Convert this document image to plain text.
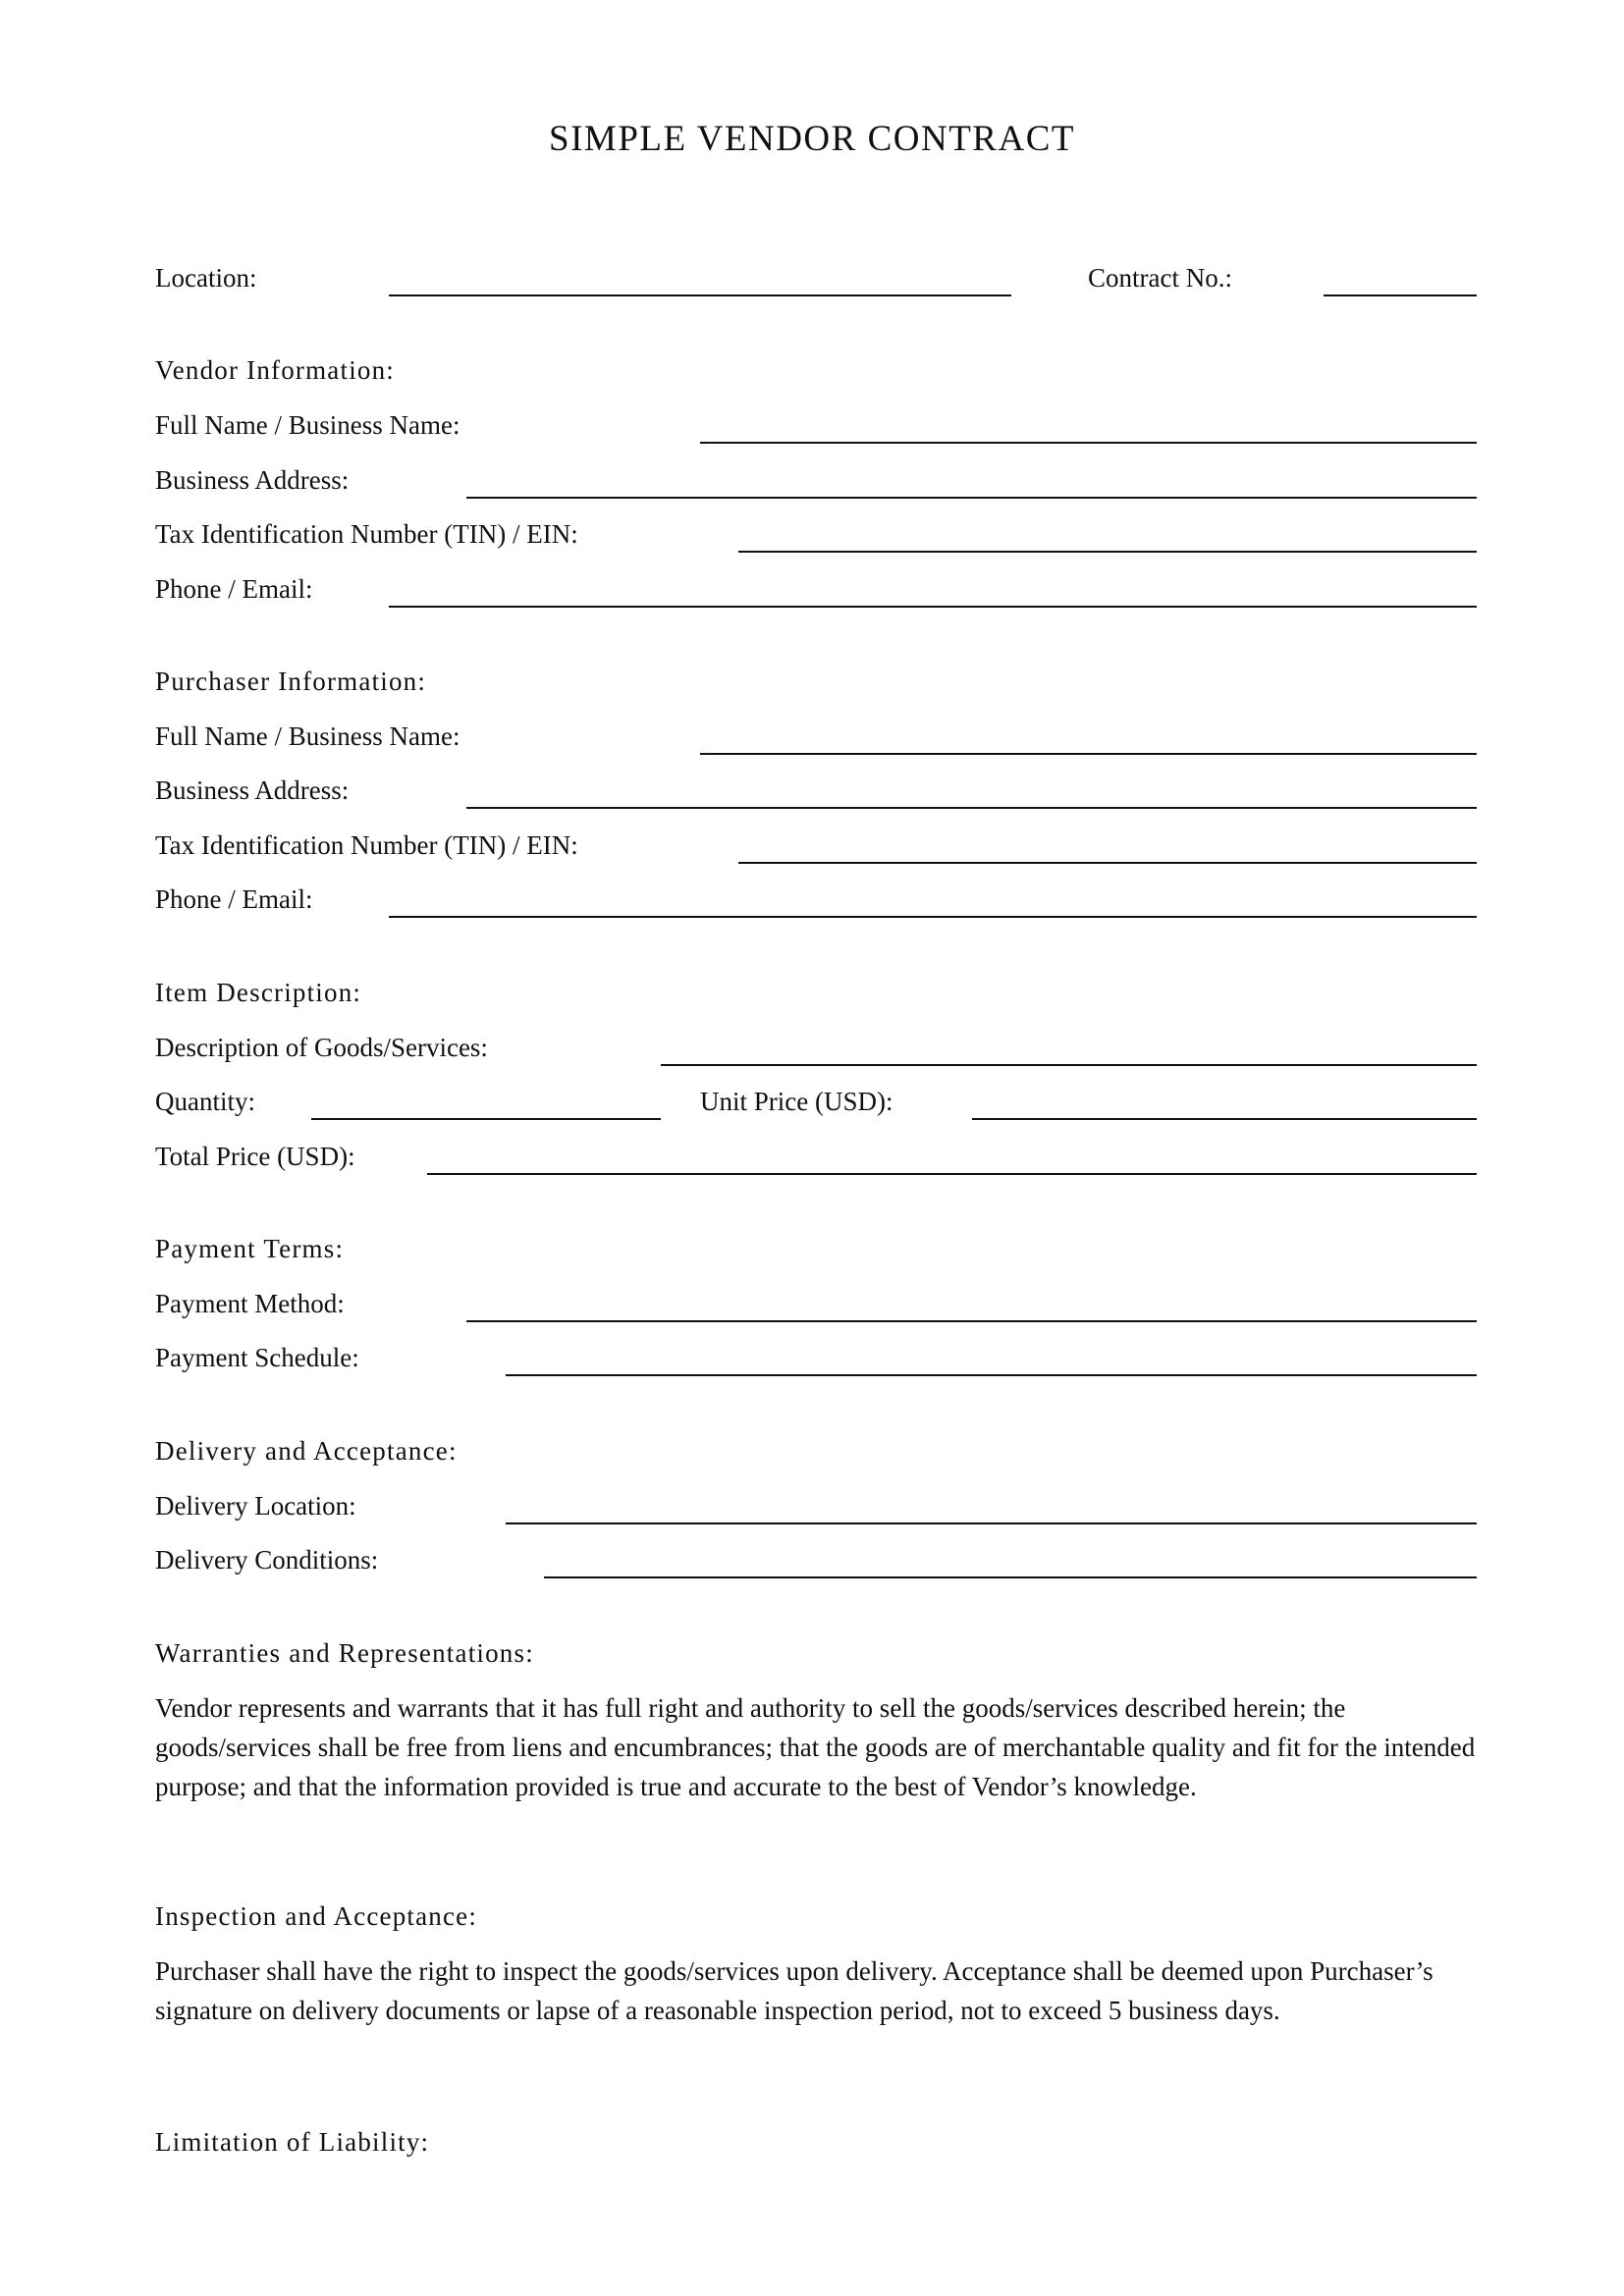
SIMPLE VENDOR CONTRACT
Location:	Contract No.:
Vendor Information:
Full Name / Business Name:
Business Address:
Tax Identification Number (TIN) / EIN:
Phone / Email:
Purchaser Information:
Full Name / Business Name:
Business Address:
Tax Identification Number (TIN) / EIN:
Phone / Email:
Item Description:
Description of Goods/Services:
Quantity:	Unit Price (USD):
Total Price (USD):
Payment Terms:
Payment Method:
Payment Schedule:
Delivery and Acceptance:
Delivery Location:
Delivery Conditions:
Warranties and Representations:

Vendor represents and warrants that it has full right and authority to sell the goods/services described herein; the goods/services shall be free from liens and encumbrances; that the goods are of merchantable quality and fit for the intended purpose; and that the information provided is true and accurate to the best of Vendor’s knowledge.

Inspection and Acceptance:

Purchaser shall have the right to inspect the goods/services upon delivery. Acceptance shall be deemed upon Purchaser’s signature on delivery documents or lapse of a reasonable inspection period, not to exceed 5 business days.

Limitation of Liability:
